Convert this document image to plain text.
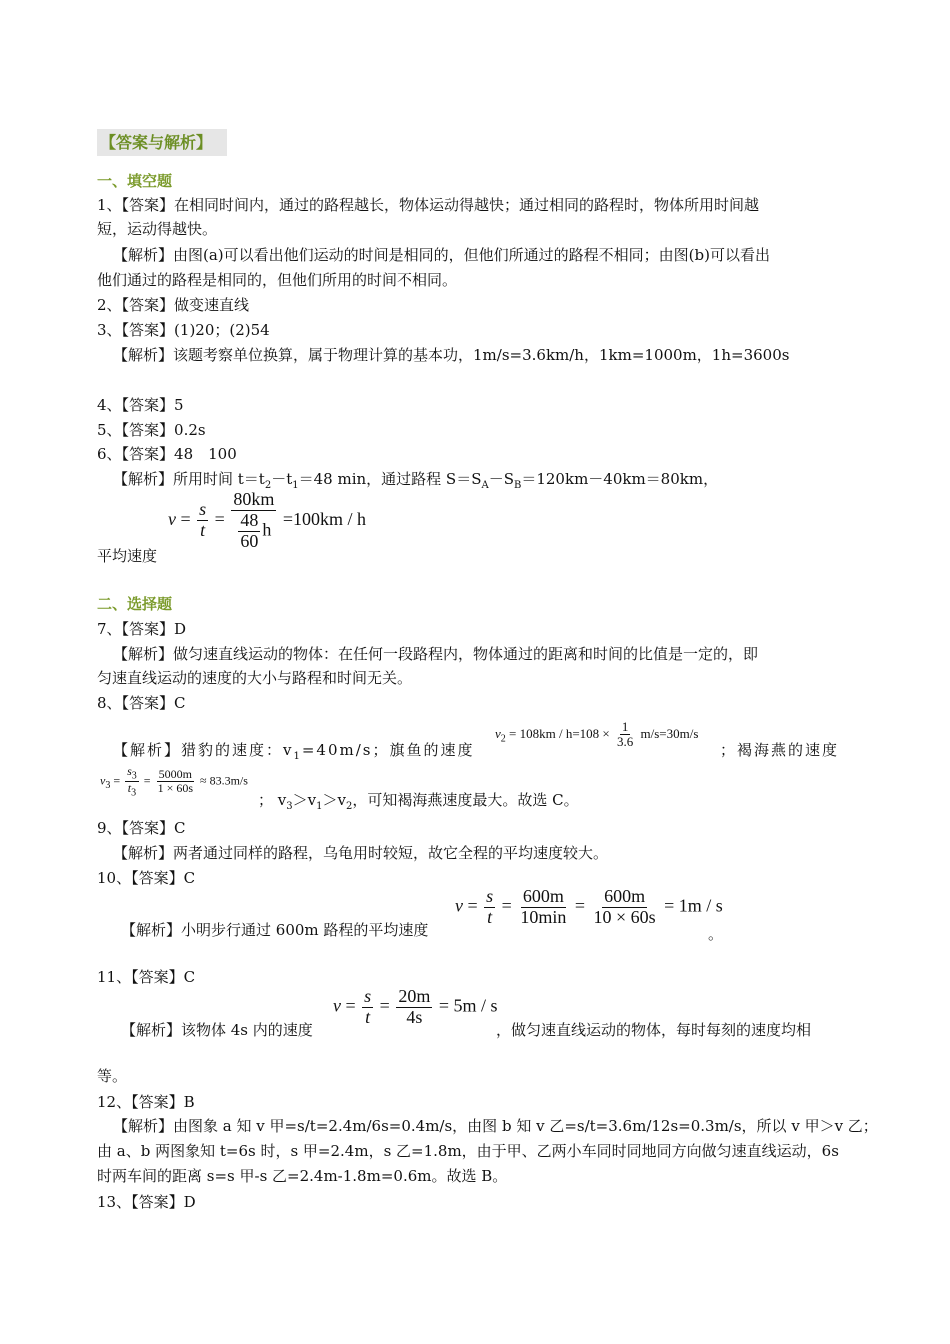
【答案与解析】
一、填空题
1、【答案】在相同时间内，通过的路程越长，物体运动得越快；通过相同的路程时，物体所用时间越
短，运动得越快。
【解析】由图(a)可以看出他们运动的时间是相同的，但他们所通过的路程不相同；由图(b)可以看出
他们通过的路程是相同的，但他们所用的时间不相同。
2、【答案】做变速直线
3、【答案】(1)20；(2)54
【解析】该题考察单位换算，属于物理计算的基本功，1m/s=3.6km/h，1km=1000m，1h=3600s
4、【答案】5
5、【答案】0.2s
6、【答案】48　100
【解析】所用时间 $t=t_2-t_1=48$ min，通过路程 $S=S_A-S_B=120km-40km=80km$，
$v = \frac{s}{t} = \frac{80km}{\frac{48}{60} h} =100km / h$
平均速度
二、选择题
7、【答案】D
【解析】做匀速直线运动的物体：在任何一段路程内，物体通过的距离和时间的比值是一定的，即
匀速直线运动的速度的大小与路程和时间无关。
8、【答案】C
【解析】猎豹的速度：$v_1=40m/s$；旗鱼的速度
$v_2 = 108km / h=108 \times \frac{1}{3.6} m/s=30m/s$
；褐海燕的速度
$v_3 = \frac{s_3}{t_3} = \frac{5000m}{1 \times 60s} \approx 83.3m/s$
； $v_3>v_1>v_2$，可知褐海燕速度最大。故选 C。
9、【答案】C
【解析】两者通过同样的路程，乌龟用时较短，故它全程的平均速度较大。
10、【答案】C
【解析】小明步行通过 600m 路程的平均速度
$v = \frac{s}{t} = \frac{600m}{10\min} = \frac{600m}{10 \times 60s} = 1m / s$
。
11、【答案】C
【解析】该物体 4s 内的速度
$v = \frac{s}{t} = \frac{20m}{4s} = 5m / s$
，做匀速直线运动的物体，每时每刻的速度均相
等。
12、【答案】B
【解析】由图象 a 知 v 甲=s/t=2.4m/6s=0.4m/s，由图 b 知 v 乙=s/t=3.6m/12s=0.3m/s，所以 v 甲＞v 乙；
由 a、b 两图象知 t=6s 时，s 甲=2.4m，s 乙=1.8m，由于甲、乙两小车同时同地同方向做匀速直线运动，6s
时两车间的距离 s=s 甲-s 乙=2.4m-1.8m=0.6m。故选 B。
13、【答案】D
